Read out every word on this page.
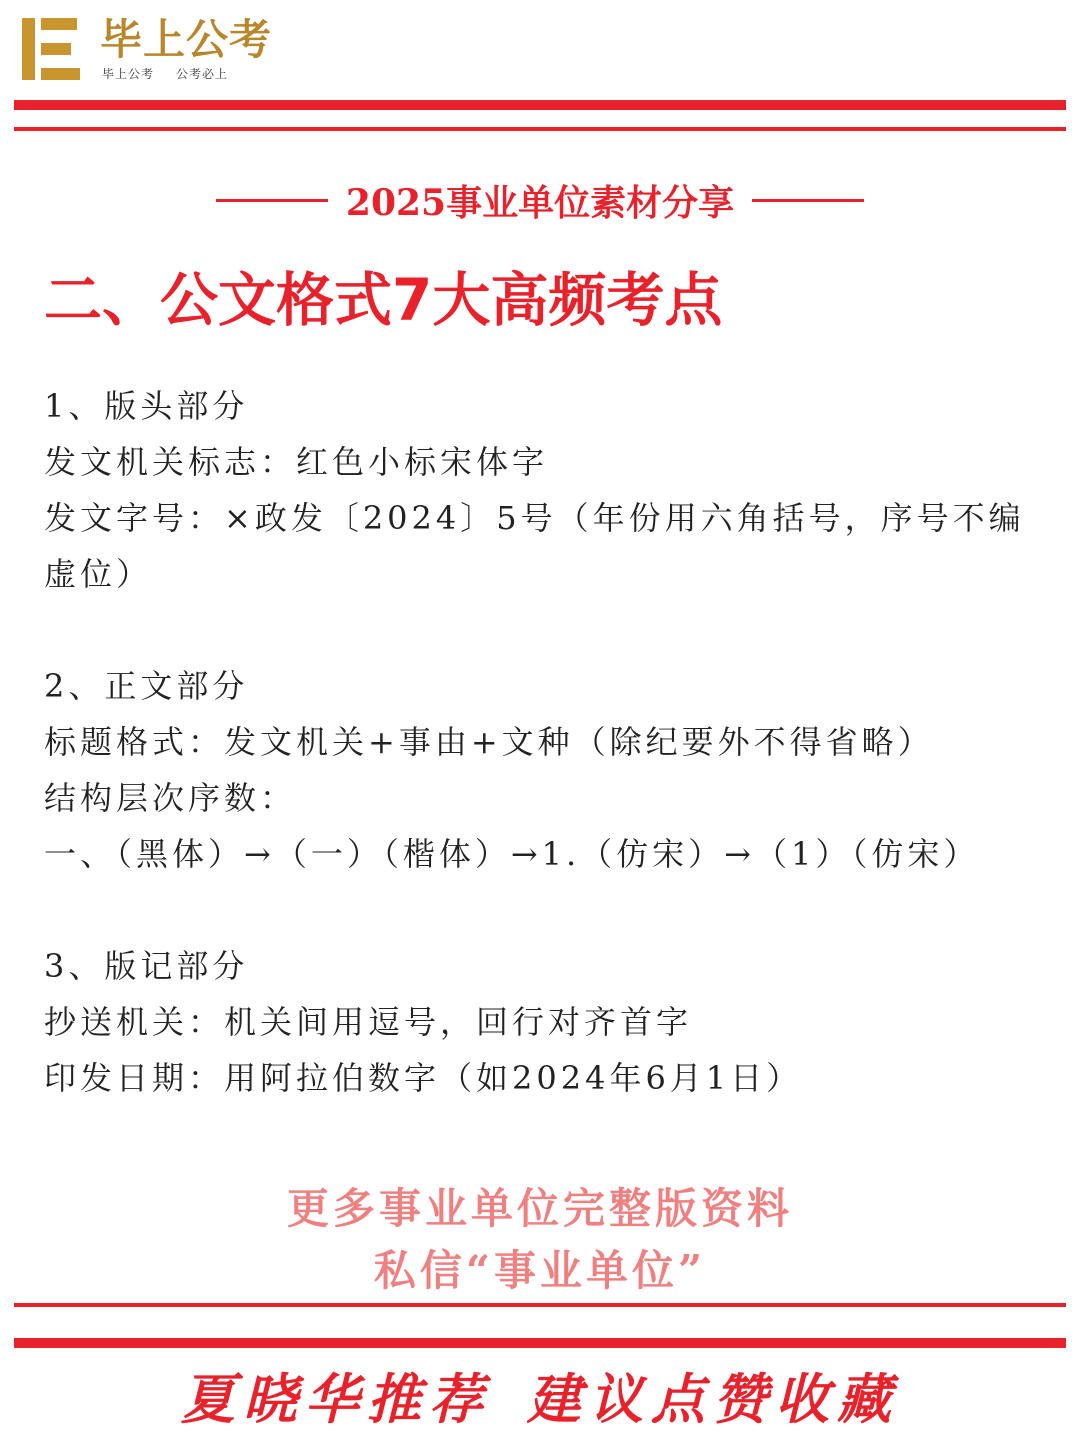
毕上公考
毕上公考 公考必上
2025事业单位素材分享
二、公文格式7大高频考点
1、版头部分
发文机关标志：红色小标宋体字
发文字号：×政发〔2024〕5号（年份用六角括号，序号不编虚位）
2、正文部分
标题格式：发文机关+事由+文种（除纪要外不得省略）
结构层次序数：
一、（黑体）→（一）（楷体）→1.（仿宋）→（1）（仿宋）
3、版记部分
抄送机关：机关间用逗号，回行对齐首字
印发日期：用阿拉伯数字（如2024年6月1日）
更多事业单位完整版资料
私信“事业单位”
夏晓华推荐 建议点赞收藏
